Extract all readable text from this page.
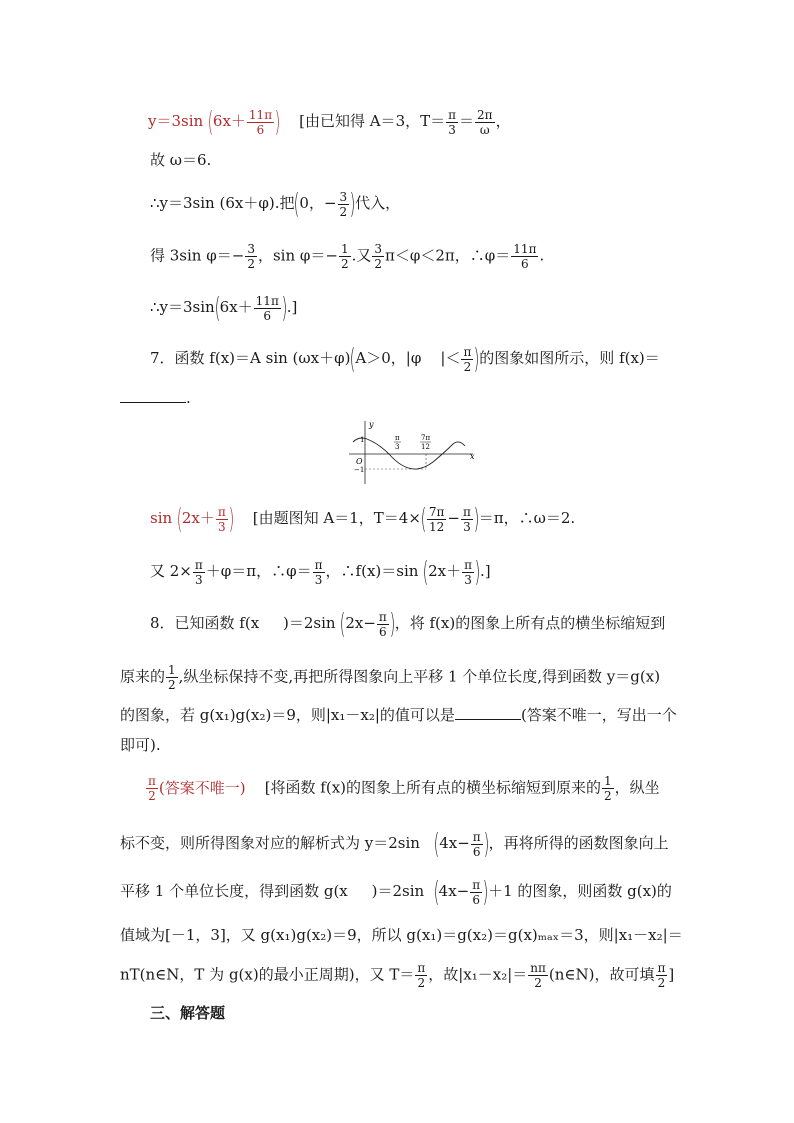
y＝3sin ($6x+ \frac{11\pi}{6}$ ) [由已知得 A＝3，$T= \frac{\pi}{3} = \frac{2\pi}{\omega}$ ，
故 ω＝6.
∴y＝3sin (6x＋φ).把(0，− $\frac{3}{2}$ )代入，
得 3sin $\varphi=- \frac{3}{2}$ ，$\sin \varphi=- \frac{1}{2}$ .又 $\frac{3}{2} \pi<\varphi<2\pi$，∴φ＝ $\frac{11\pi}{6}$ .
∴y＝3sin(6x＋ $\frac{11\pi}{6}$ ).]
7．函数 f(x)＝A sin (ωx＋φ)(A＞0，|φ |＜ $\frac{\pi}{2}$ )的图象如图所示，则 f(x)＝
.
y
x
O
1
−1
π
3
7π
12
$\sin (2x+ \frac{\pi}{3}$ ) [由题图知 A＝1，$T=4\times( \frac{7\pi}{12} - \frac{\pi}{3} )=\pi$，∴ω＝2.
又 $2\times \frac{\pi}{3} +\varphi=\pi$，∴φ＝ $\frac{\pi}{3}$ ，∴f(x)＝sin ($2x+ \frac{\pi}{3}$ ).]
8．已知函数 f(x )＝2sin ($2x- \frac{\pi}{6}$ )，将 f(x)的图象上所有点的横坐标缩短到
原来的 $\frac{1}{2}$ ,纵坐标保持不变,再把所得图象向上平移 1 个单位长度,得到函数 y＝g(x)
的图象，若 g(x₁)g(x₂)＝9，则|x₁－x₂|的值可以是	(答案不唯一，写出一个
即可).
$\frac{\pi}{2}$ (答案不唯一) [将函数 f(x)的图象上所有点的横坐标缩短到原来的 $\frac{1}{2}$ ，纵坐
标不变，则所得图象对应的解析式为 y＝2sin ($4x- \frac{\pi}{6}$ )，再将所得的函数图象向上
平移 1 个单位长度，得到函数 g(x )＝2sin $(4x- \frac{\pi}{6} )+1$ 的图象，则函数 g(x)的
值域为[－1，3]，又 g(x₁)g(x₂)＝9，所以 g(x₁)＝g(x₂)＝g(x)ₘₐₓ＝3，则|x₁－x₂|＝
nT(n∈N，T 为 g(x)的最小正周期)，又 $T= \frac{\pi}{2}$ ，故$|x_1-x_2|= \frac{n\pi}{2}$ (n∈N)，故可填 $\frac{\pi}{2}$ ]
三、解答题
